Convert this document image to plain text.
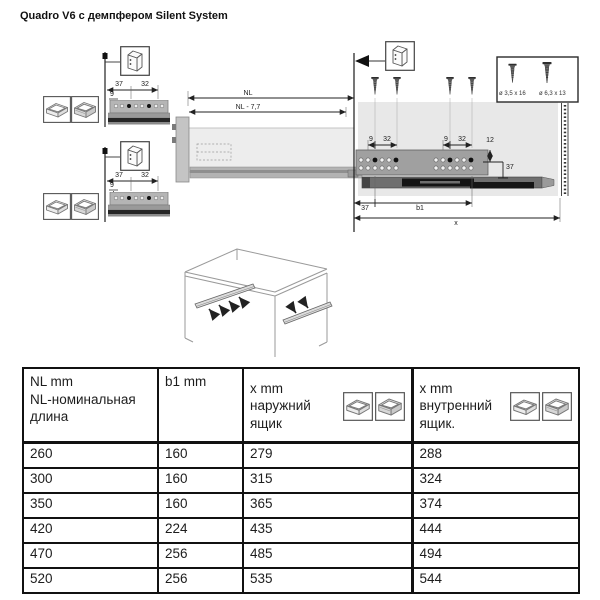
Quadro V6 с демпфером Silent System
NL
NL - 7,7
37	32
9
37	32
9
9 32	9 32	12
37
37	b1
x
ø 3,5 x 16 ø 6,3 x 13
NL mm
NL-номинальная
длина	b1 mm	x mm
наружний
ящик	x mm
внутренний
ящик.

260	160	279	288
300	160	315	324
350	160	365	374
420	224	435	444
470	256	485	494
520	256	535	544
